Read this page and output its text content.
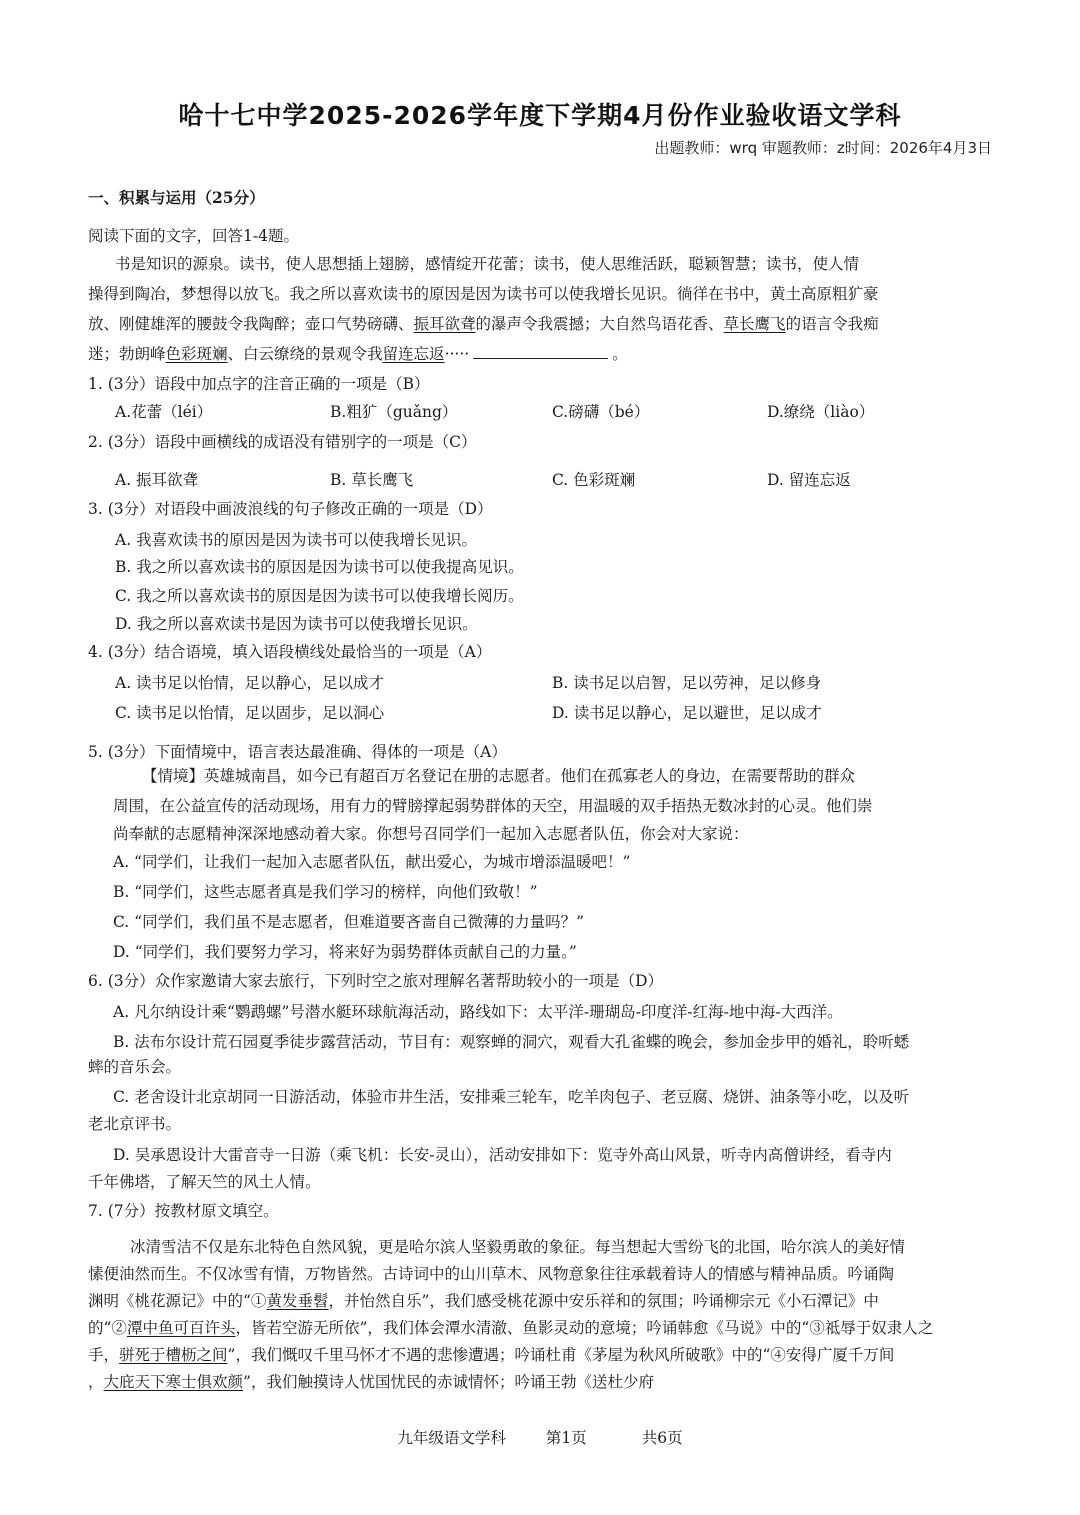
哈十七中学2025-2026学年度下学期4月份作业验收语文学科
出题教师：wrq 审题教师：z时间：2026年4月3日
一、积累与运用（25分）
阅读下面的文字，回答1-4题。
书是知识的源泉。读书，使人思想插上翅膀，感情绽开花蕾；读书，使人思维活跃，聪颖智慧；读书，使人情
操得到陶冶，梦想得以放飞。我之所以喜欢读书的原因是因为读书可以使我增长见识。徜徉在书中，黄土高原粗犷豪
放、刚健雄浑的腰鼓令我陶醉；壶口气势磅礴、振耳欲聋的瀑声令我震撼；大自然鸟语花香、草长鹰飞的语言令我痴
迷；勃朗峰色彩斑斓、白云缭绕的景观令我留连忘返·····	。
1. (3分）语段中加点字的注音正确的一项是（B）
A.花蕾（léi）	B.粗犷（guǎng）	C.磅礴（bé）	D.缭绕（liào）
2. (3分）语段中画横线的成语没有错别字的一项是（C）
A. 振耳欲聋	B. 草长鹰飞	C. 色彩斑斓	D. 留连忘返
3. (3分）对语段中画波浪线的句子修改正确的一项是（D）
A. 我喜欢读书的原因是因为读书可以使我增长见识。
B. 我之所以喜欢读书的原因是因为读书可以使我提高见识。
C. 我之所以喜欢读书的原因是因为读书可以使我增长阅历。
D. 我之所以喜欢读书是因为读书可以使我增长见识。
4. (3分）结合语境，填入语段横线处最恰当的一项是（A）
A. 读书足以怡情，足以静心，足以成才	B. 读书足以启智，足以劳神，足以修身
C. 读书足以怡情，足以固步，足以洞心	D. 读书足以静心，足以避世，足以成才
5. (3分）下面情境中，语言表达最准确、得体的一项是（A）
【情境】英雄城南昌，如今已有超百万名登记在册的志愿者。他们在孤寡老人的身边，在需要帮助的群众
周围，在公益宣传的活动现场，用有力的臂膀撑起弱势群体的天空，用温暖的双手捂热无数冰封的心灵。他们崇
尚奉献的志愿精神深深地感动着大家。你想号召同学们一起加入志愿者队伍，你会对大家说：
A. “同学们，让我们一起加入志愿者队伍，献出爱心，为城市增添温暖吧！”
B. “同学们，这些志愿者真是我们学习的榜样，向他们致敬！”
C. “同学们，我们虽不是志愿者，但难道要吝啬自己微薄的力量吗？”
D. “同学们，我们要努力学习，将来好为弱势群体贡献自己的力量。”
6. (3分）众作家邀请大家去旅行，下列时空之旅对理解名著帮助较小的一项是（D）
A. 凡尔纳设计乘“鹦鹉螺”号潜水艇环球航海活动，路线如下：太平洋-珊瑚岛-印度洋-红海-地中海-大西洋。
B. 法布尔设计荒石园夏季徒步露营活动，节目有：观察蝉的洞穴，观看大孔雀蝶的晚会，参加金步甲的婚礼，聆听蟋
蟀的音乐会。
C. 老舍设计北京胡同一日游活动，体验市井生活，安排乘三轮车，吃羊肉包子、老豆腐、烧饼、油条等小吃，以及听
老北京评书。
D. 吴承恩设计大雷音寺一日游（乘飞机：长安-灵山），活动安排如下：览寺外高山风景，听寺内高僧讲经，看寺内
千年佛塔，了解天竺的风土人情。
7. (7分）按教材原文填空。
冰清雪洁不仅是东北特色自然风貌，更是哈尔滨人坚毅勇敢的象征。每当想起大雪纷飞的北国，哈尔滨人的美好情
愫便油然而生。不仅冰雪有情，万物皆然。古诗词中的山川草木、风物意象往往承载着诗人的情感与精神品质。吟诵陶
渊明《桃花源记》中的“①黄发垂髫，并怡然自乐”，我们感受桃花源中安乐祥和的氛围；吟诵柳宗元《小石潭记》中
的“②潭中鱼可百许头，皆若空游无所依”，我们体会潭水清澈、鱼影灵动的意境；吟诵韩愈《马说》中的“③祗辱于奴隶人之
手，骈死于槽枥之间”，我们慨叹千里马怀才不遇的悲惨遭遇；吟诵杜甫《茅屋为秋风所破歌》中的“④安得广厦千万间
，大庇天下寒士俱欢颜”，我们触摸诗人忧国忧民的赤诚情怀；吟诵王勃《送杜少府
九年级语文学科	第1页	共6页
